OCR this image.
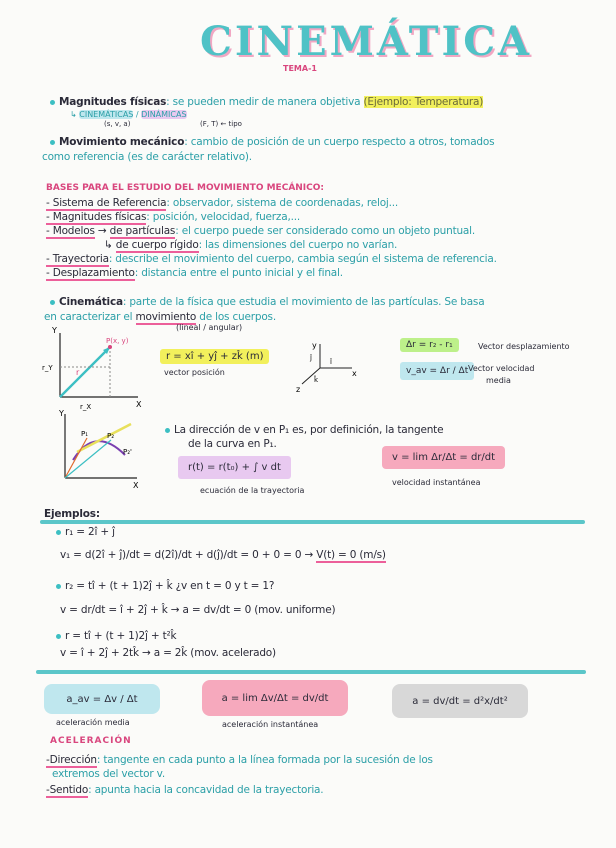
CINEMÁTICA
TEMA-1
Magnitudes físicas: se pueden medir de manera objetiva (Ejemplo: Temperatura)
↳ CINEMÁTICAS / DINÁMICAS
(s, v, a)	(F, T) ← tipo
Movimiento mecánico: cambio de posición de un cuerpo respecto a otros, tomados
como referencia (es de carácter relativo).
BASES PARA EL ESTUDIO DEL MOVIMIENTO MECÁNICO:
- Sistema de Referencia: observador, sistema de coordenadas, reloj...
- Magnitudes físicas: posición, velocidad, fuerza,...
- Modelos → de partículas: el cuerpo puede ser considerado como un objeto puntual.
↳ de cuerpo rígido: las dimensiones del cuerpo no varían.
- Trayectoria: describe el movimiento del cuerpo, cambia según el sistema de referencia.
- Desplazamiento: distancia entre el punto inicial y el final.
Cinemática: parte de la física que estudia el movimiento de las partículas. Se basa
en caracterizar el movimiento de los cuerpos.
(lineal / angular)
Y
X
P(x, y)
r_Y
r_X
r
r = xî + yĵ + zk̂ (m)
vector posición
y
x
z
ĵ	î
k̂
Δr = r₂ - r₁	Vector desplazamiento
v_av = Δr / Δt Vector velocidad
media
Y
X
P₁	P₂
P₂'
La dirección de v en P₁ es, por definición, la tangente
de la curva en P₁.
r(t) = r(t₀) + ∫ v dt
ecuación de la trayectoria
v = lim Δr/Δt = dr/dt
velocidad instantánea
Ejemplos:
r₁ = 2î + ĵ
v₁ = d(2î + ĵ)/dt = d(2î)/dt + d(ĵ)/dt = 0 + 0 = 0 → V(t) = 0 (m/s)
r₂ = tî + (t + 1)2ĵ + k̂ ¿v en t = 0 y t = 1?
v = dr/dt = î + 2ĵ + k̂ → a = dv/dt = 0 (mov. uniforme)
r = tî + (t + 1)2ĵ + t²k̂
v = î + 2ĵ + 2tk̂ → a = 2k̂ (mov. acelerado)
a_av = Δv / Δt
aceleración media
a = lim Δv/Δt = dv/dt
aceleración instantánea
a = dv/dt = d²x/dt²
ACELERACIÓN
-Dirección: tangente en cada punto a la línea formada por la sucesión de los
extremos del vector v.
-Sentido: apunta hacia la concavidad de la trayectoria.
